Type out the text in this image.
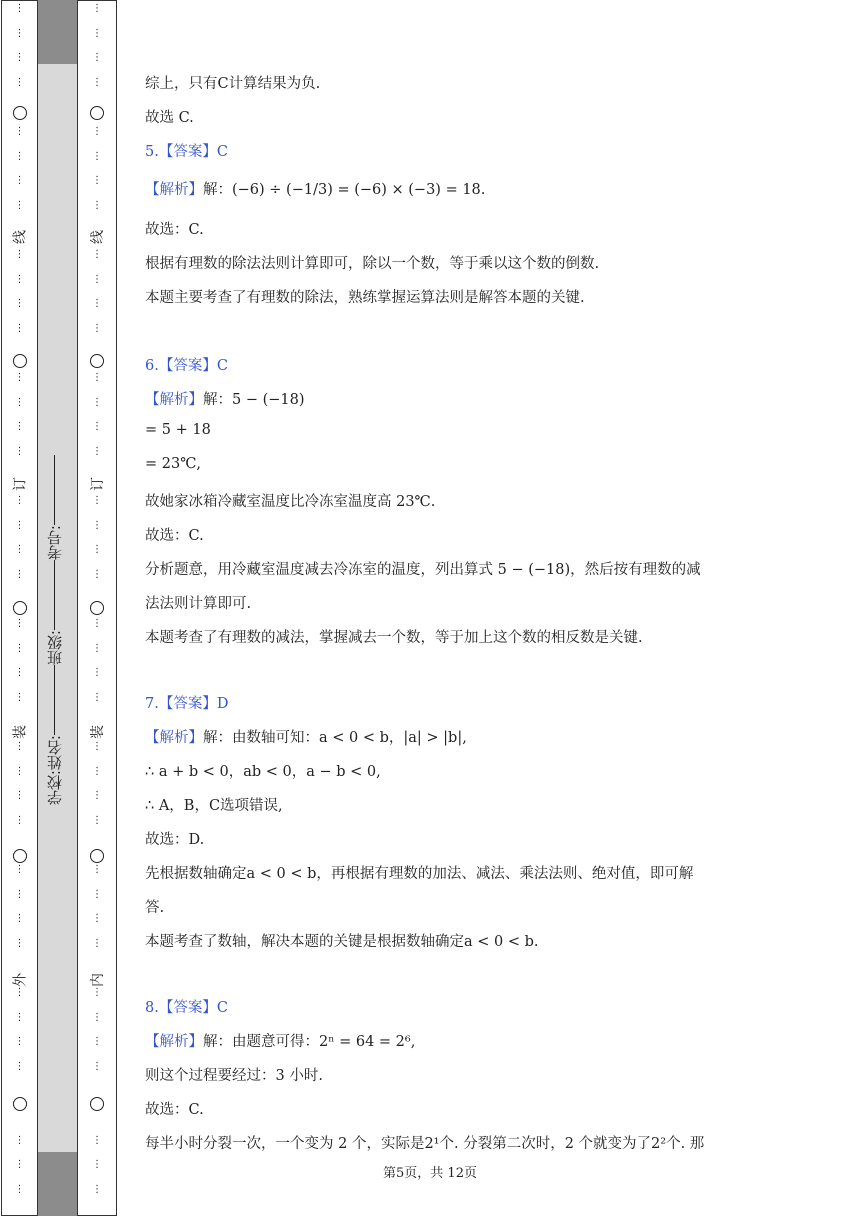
⋮
⋮
⋮
⋮
⋮
⋮
⋮
⋮
⋮
⋮
⋮
⋮
⋮
⋮
⋮
⋮
⋮
⋮
⋮
⋮
⋮
⋮
⋮
⋮
⋮
⋮
⋮
⋮
⋮
⋮
⋮
⋮
⋮
⋮
⋮
⋮
⋮
⋮
⋮
线
订
装
外
⋮
⋮
⋮
⋮
⋮
⋮
⋮
⋮
⋮
⋮
⋮
⋮
⋮
⋮
⋮
⋮
⋮
⋮
⋮
⋮
⋮
⋮
⋮
⋮
⋮
⋮
⋮
⋮
⋮
⋮
⋮
⋮
⋮
⋮
⋮
⋮
⋮
⋮
⋮
线
订
装
内
考号:
班级:
姓名:
学校:
综上，只有C计算结果为负.
故选 C.
5.【答案】C
【解析】解：(−6) ÷ (−1/3) = (−6) × (−3) = 18.
故选：C.
根据有理数的除法法则计算即可，除以一个数，等于乘以这个数的倒数.
本题主要考查了有理数的除法，熟练掌握运算法则是解答本题的关键.
6.【答案】C
【解析】解：5 − (−18)
= 5 + 18
= 23℃,
故她家冰箱冷藏室温度比冷冻室温度高 23℃.
故选：C.
分析题意，用冷藏室温度减去冷冻室的温度，列出算式 5 − (−18)，然后按有理数的减
法法则计算即可.
本题考查了有理数的减法，掌握减去一个数，等于加上这个数的相反数是关键.
7.【答案】D
【解析】解：由数轴可知：a < 0 < b，|a| > |b|,
∴ a + b < 0，ab < 0，a − b < 0,
∴ A，B，C选项错误,
故选：D.
先根据数轴确定a < 0 < b，再根据有理数的加法、减法、乘法法则、绝对值，即可解
答.
本题考查了数轴，解决本题的关键是根据数轴确定a < 0 < b.
8.【答案】C
【解析】解：由题意可得：2ⁿ = 64 = 2⁶,
则这个过程要经过：3 小时.
故选：C.
每半小时分裂一次，一个变为 2 个，实际是2¹个. 分裂第二次时，2 个就变为了2²个. 那
第5页，共 12页
